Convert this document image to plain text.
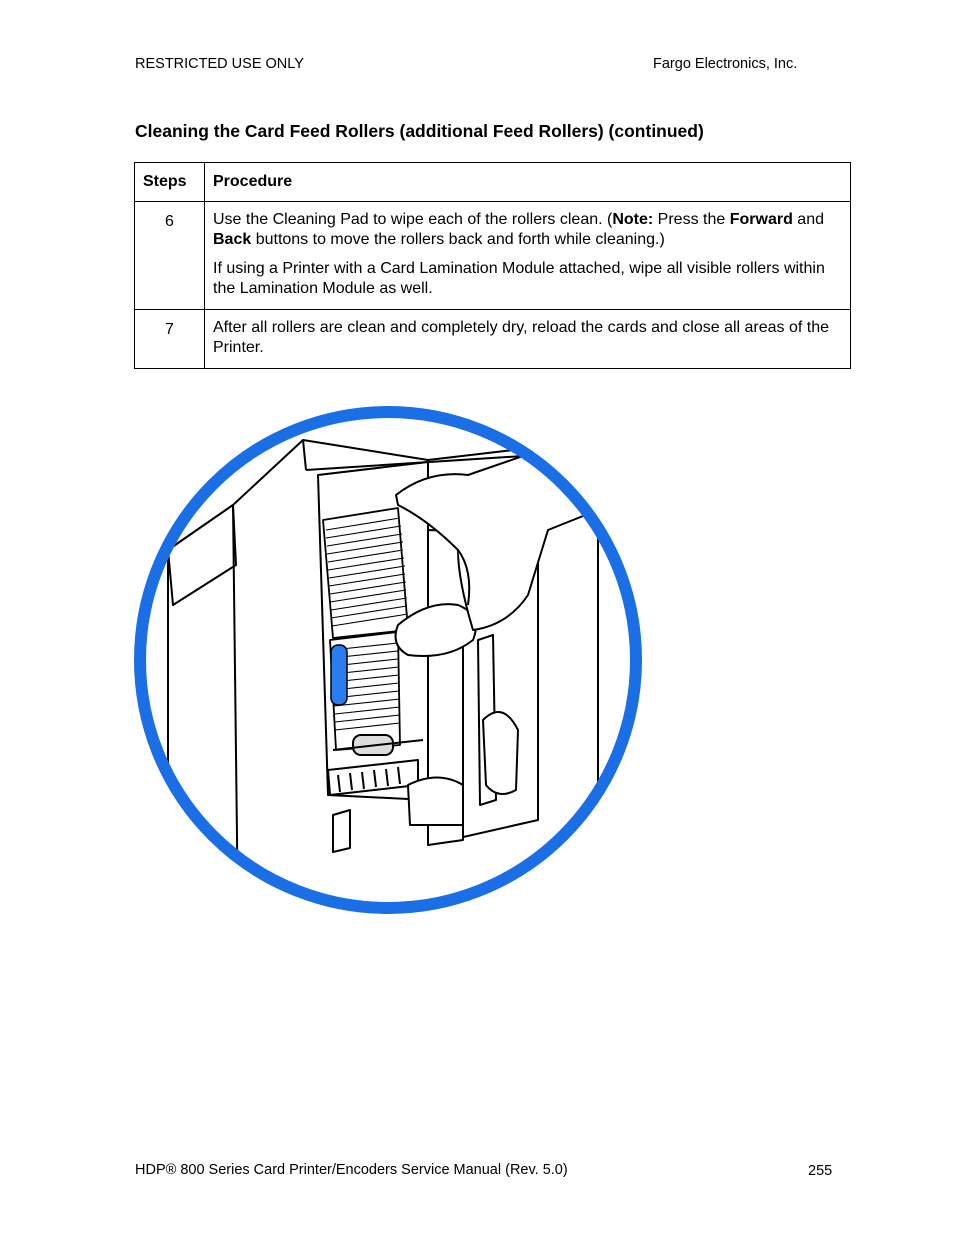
RESTRICTED USE ONLY	Fargo Electronics, Inc.
Cleaning the Card Feed Rollers (additional Feed Rollers) (continued)
Steps	Procedure
6	Use the Cleaning Pad to wipe each of the rollers clean. (Note: Press the Forward and Back buttons to move the rollers back and forth while cleaning.)

If using a Printer with a Card Lamination Module attached, wipe all visible rollers within the Lamination Module as well.

7	After all rollers are clean and completely dry, reload the cards and close all areas of the Printer.

HDP® 800 Series Card Printer/Encoders Service Manual (Rev. 5.0)	255
